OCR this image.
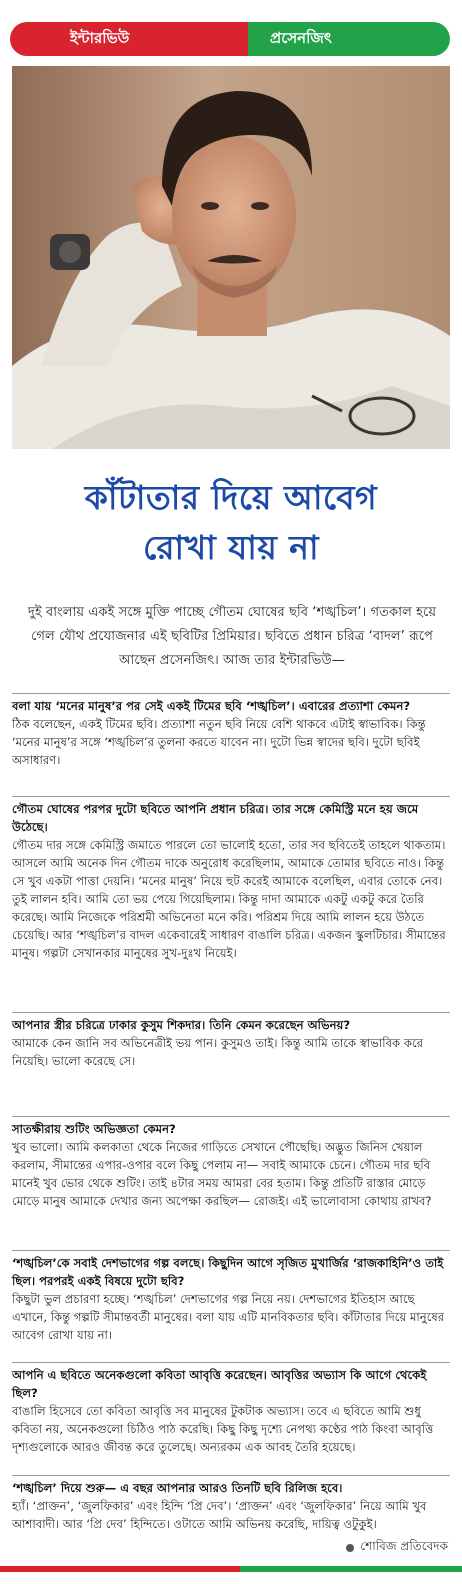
ইন্টারভিউ	প্রসেনজিৎ
কাঁটাতার দিয়ে আবেগ
রোখা যায় না
দুই বাংলায় একই সঙ্গে মুক্তি পাচ্ছে গৌতম ঘোষের ছবি ‘শঙ্খচিল’। গতকাল হয়ে গেল যৌথ প্রযোজনার এই ছবিটির প্রিমিয়ার। ছবিতে প্রধান চরিত্র ‘বাদল’ রূপে আছেন প্রসেনজিৎ। আজ তার ইন্টারভিউ—
বলা যায় ‘মনের মানুষ’র পর সেই একই টিমের ছবি ‘শঙ্খচিল’। এবারের প্রত্যাশা কেমন?
ঠিক বলেছেন, একই টিমের ছবি। প্রত্যাশা নতুন ছবি নিয়ে বেশি থাকবে এটাই স্বাভাবিক। কিন্তু ‘মনের মানুষ’র সঙ্গে ‘শঙ্খচিল’র তুলনা করতে যাবেন না। দুটো ভিন্ন স্বাদের ছবি। দুটো ছবিই অসাধারণ।
গৌতম ঘোষের পরপর দুটো ছবিতে আপনি প্রধান চরিত্র। তার সঙ্গে কেমিস্ট্রি মনে হয় জমে উঠেছে।
গৌতম দার সঙ্গে কেমিস্ট্রি জমাতে পারলে তো ভালোই হতো, তার সব ছবিতেই তাহলে থাকতাম। আসলে আমি অনেক দিন গৌতম দাকে অনুরোধ করেছিলাম, আমাকে তোমার ছবিতে নাও। কিন্তু সে খুব একটা পাত্তা দেয়নি। ‘মনের মানুষ’ নিয়ে হুট করেই আমাকে বলেছিল, এবার তোকে নেব। তুই লালন হবি। আমি তো ভয় পেয়ে গিয়েছিলাম। কিন্তু দাদা আমাকে একটু একটু করে তৈরি করেছে। আমি নিজেকে পরিশ্রমী অভিনেতা মনে করি। পরিশ্রম দিয়ে আমি লালন হয়ে উঠতে চেয়েছি। আর ‘শঙ্খচিল’র বাদল একেবারেই সাধারণ বাঙালি চরিত্র। একজন স্কুলটিচার। সীমান্তের মানুষ। গল্পটা সেখানকার মানুষের সুখ-দুঃখ নিয়েই।
আপনার স্ত্রীর চরিত্রে ঢাকার কুসুম শিকদার। তিনি কেমন করেছেন অভিনয়?
আমাকে কেন জানি সব অভিনেত্রীই ভয় পান। কুসুমও তাই। কিন্তু আমি তাকে স্বাভাবিক করে নিয়েছি। ভালো করেছে সে।
সাতক্ষীরায় শুটিং অভিজ্ঞতা কেমন?
খুব ভালো। আমি কলকাতা থেকে নিজের গাড়িতে সেখানে পৌছেছি। অদ্ভুত জিনিস খেয়াল করলাম, সীমান্তের এপার-ওপার বলে কিছু পেলাম না— সবাই আমাকে চেনে। গৌতম দার ছবি মানেই খুব ভোর থেকে শুটিং। তাই ৪টার সময় আমরা বের হতাম। কিন্তু প্রতিটি রাস্তার মোড়ে মোড়ে মানুষ আমাকে দেখার জন্য অপেক্ষা করছিল— রোজই। এই ভালোবাসা কোথায় রাখব?
‘শঙ্খচিল’কে সবাই দেশভাগের গল্প বলছে। কিছুদিন আগে সৃজিত মুখার্জির ‘রাজকাহিনি’ও তাই ছিল। পরপরই একই বিষয়ে দুটো ছবি?
কিছুটা ভুল প্রচারণা হচ্ছে। ‘শঙ্খচিল’ দেশভাগের গল্প নিয়ে নয়। দেশভাগের ইতিহাস আছে এখানে, কিন্তু গল্পটি সীমান্তবর্তী মানুষের। বলা যায় এটি মানবিকতার ছবি। কাঁটাতার দিয়ে মানুষের আবেগ রোখা যায় না।
আপনি এ ছবিতে অনেকগুলো কবিতা আবৃত্তি করেছেন। আবৃত্তির অভ্যাস কি আগে থেকেই ছিল?
বাঙালি হিসেবে তো কবিতা আবৃত্তি সব মানুষের টুকটাক অভ্যাস। তবে এ ছবিতে আমি শুধু কবিতা নয়, অনেকগুলো চিঠিও পাঠ করেছি। কিছু কিছু দৃশ্যে নেপথ্য কণ্ঠের পাঠ কিংবা আবৃত্তি দৃশ্যগুলোকে আরও জীবন্ত করে তুলেছে। অন্যরকম এক আবহ তৈরি হয়েছে।
‘শঙ্খচিল’ দিয়ে শুরু— এ বছর আপনার আরও তিনটি ছবি রিলিজ হবে।
হ্যাঁ। ‘প্রাক্তন’, ‘জুলফিকার’ এবং হিন্দি ‘প্রি দেব’। ‘প্রাক্তন’ এবং ‘জুলফিকার’ নিয়ে আমি খুব আশাবাদী। আর ‘প্রি দেব’ হিন্দিতে। ওটাতে আমি অভিনয় করেছি, দায়িত্ব ওটুকুই।
শোবিজ প্রতিবেদক
